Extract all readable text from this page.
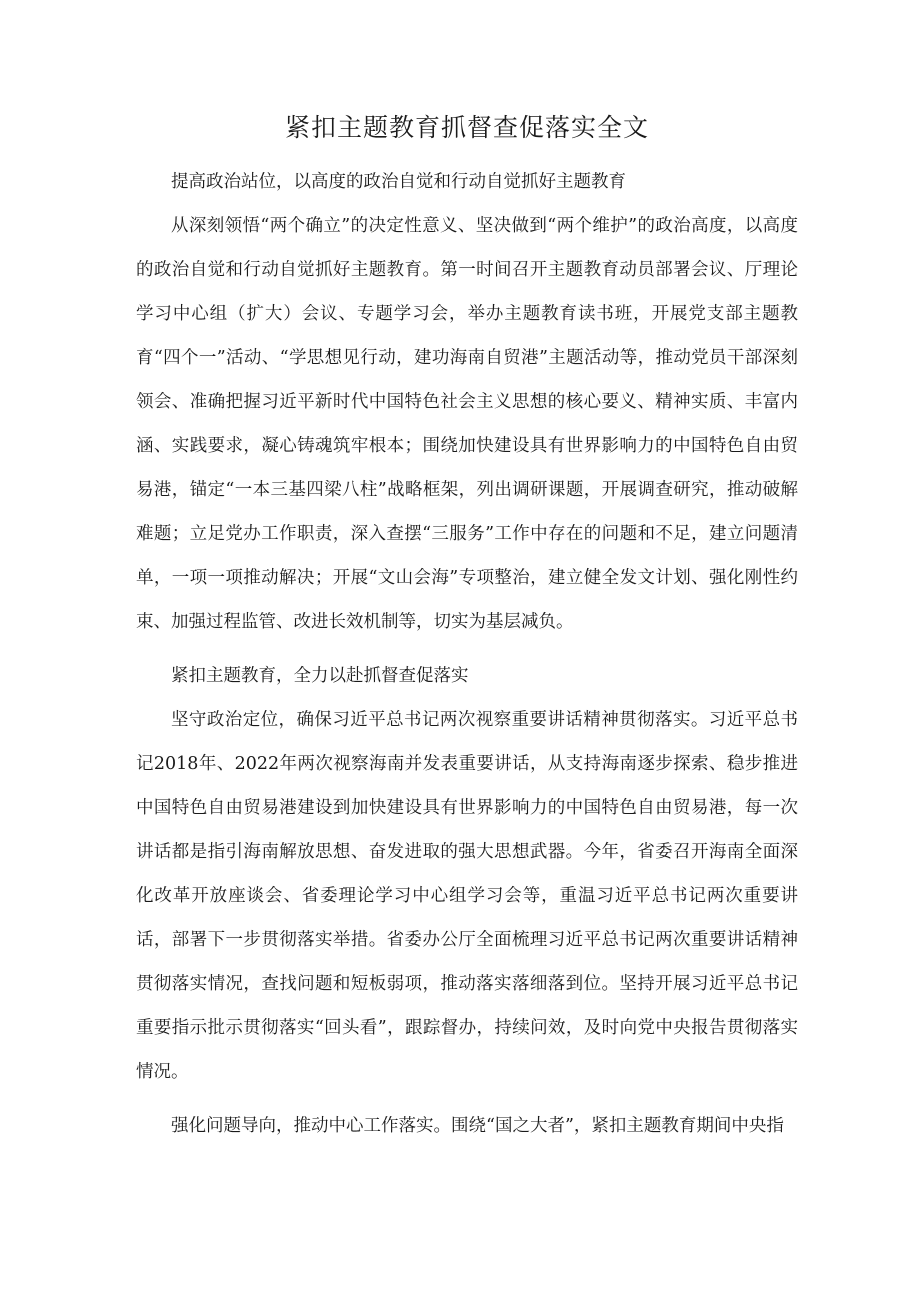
紧扣主题教育抓督查促落实全文

提高政治站位，以高度的政治自觉和行动自觉抓好主题教育

从深刻领悟“两个确立”的决定性意义、坚决做到“两个维护”的政治高度，以高度的政治自觉和行动自觉抓好主题教育。第一时间召开主题教育动员部署会议、厅理论学习中心组（扩大）会议、专题学习会，举办主题教育读书班，开展党支部主题教育“四个一”活动、“学思想见行动，建功海南自贸港”主题活动等，推动党员干部深刻领会、准确把握习近平新时代中国特色社会主义思想的核心要义、精神实质、丰富内涵、实践要求，凝心铸魂筑牢根本；围绕加快建设具有世界影响力的中国特色自由贸易港，锚定“一本三基四梁八柱”战略框架，列出调研课题，开展调查研究，推动破解难题；立足党办工作职责，深入查摆“三服务”工作中存在的问题和不足，建立问题清单，一项一项推动解决；开展“文山会海”专项整治，建立健全发文计划、强化刚性约束、加强过程监管、改进长效机制等，切实为基层减负。

紧扣主题教育，全力以赴抓督查促落实

坚守政治定位，确保习近平总书记两次视察重要讲话精神贯彻落实。习近平总书记2018年、2022年两次视察海南并发表重要讲话，从支持海南逐步探索、稳步推进中国特色自由贸易港建设到加快建设具有世界影响力的中国特色自由贸易港，每一次讲话都是指引海南解放思想、奋发进取的强大思想武器。今年，省委召开海南全面深化改革开放座谈会、省委理论学习中心组学习会等，重温习近平总书记两次重要讲话，部署下一步贯彻落实举措。省委办公厅全面梳理习近平总书记两次重要讲话精神贯彻落实情况，查找问题和短板弱项，推动落实落细落到位。坚持开展习近平总书记重要指示批示贯彻落实“回头看”，跟踪督办，持续问效，及时向党中央报告贯彻落实情况。

强化问题导向，推动中心工作落实。围绕“国之大者”，紧扣主题教育期间中央指
